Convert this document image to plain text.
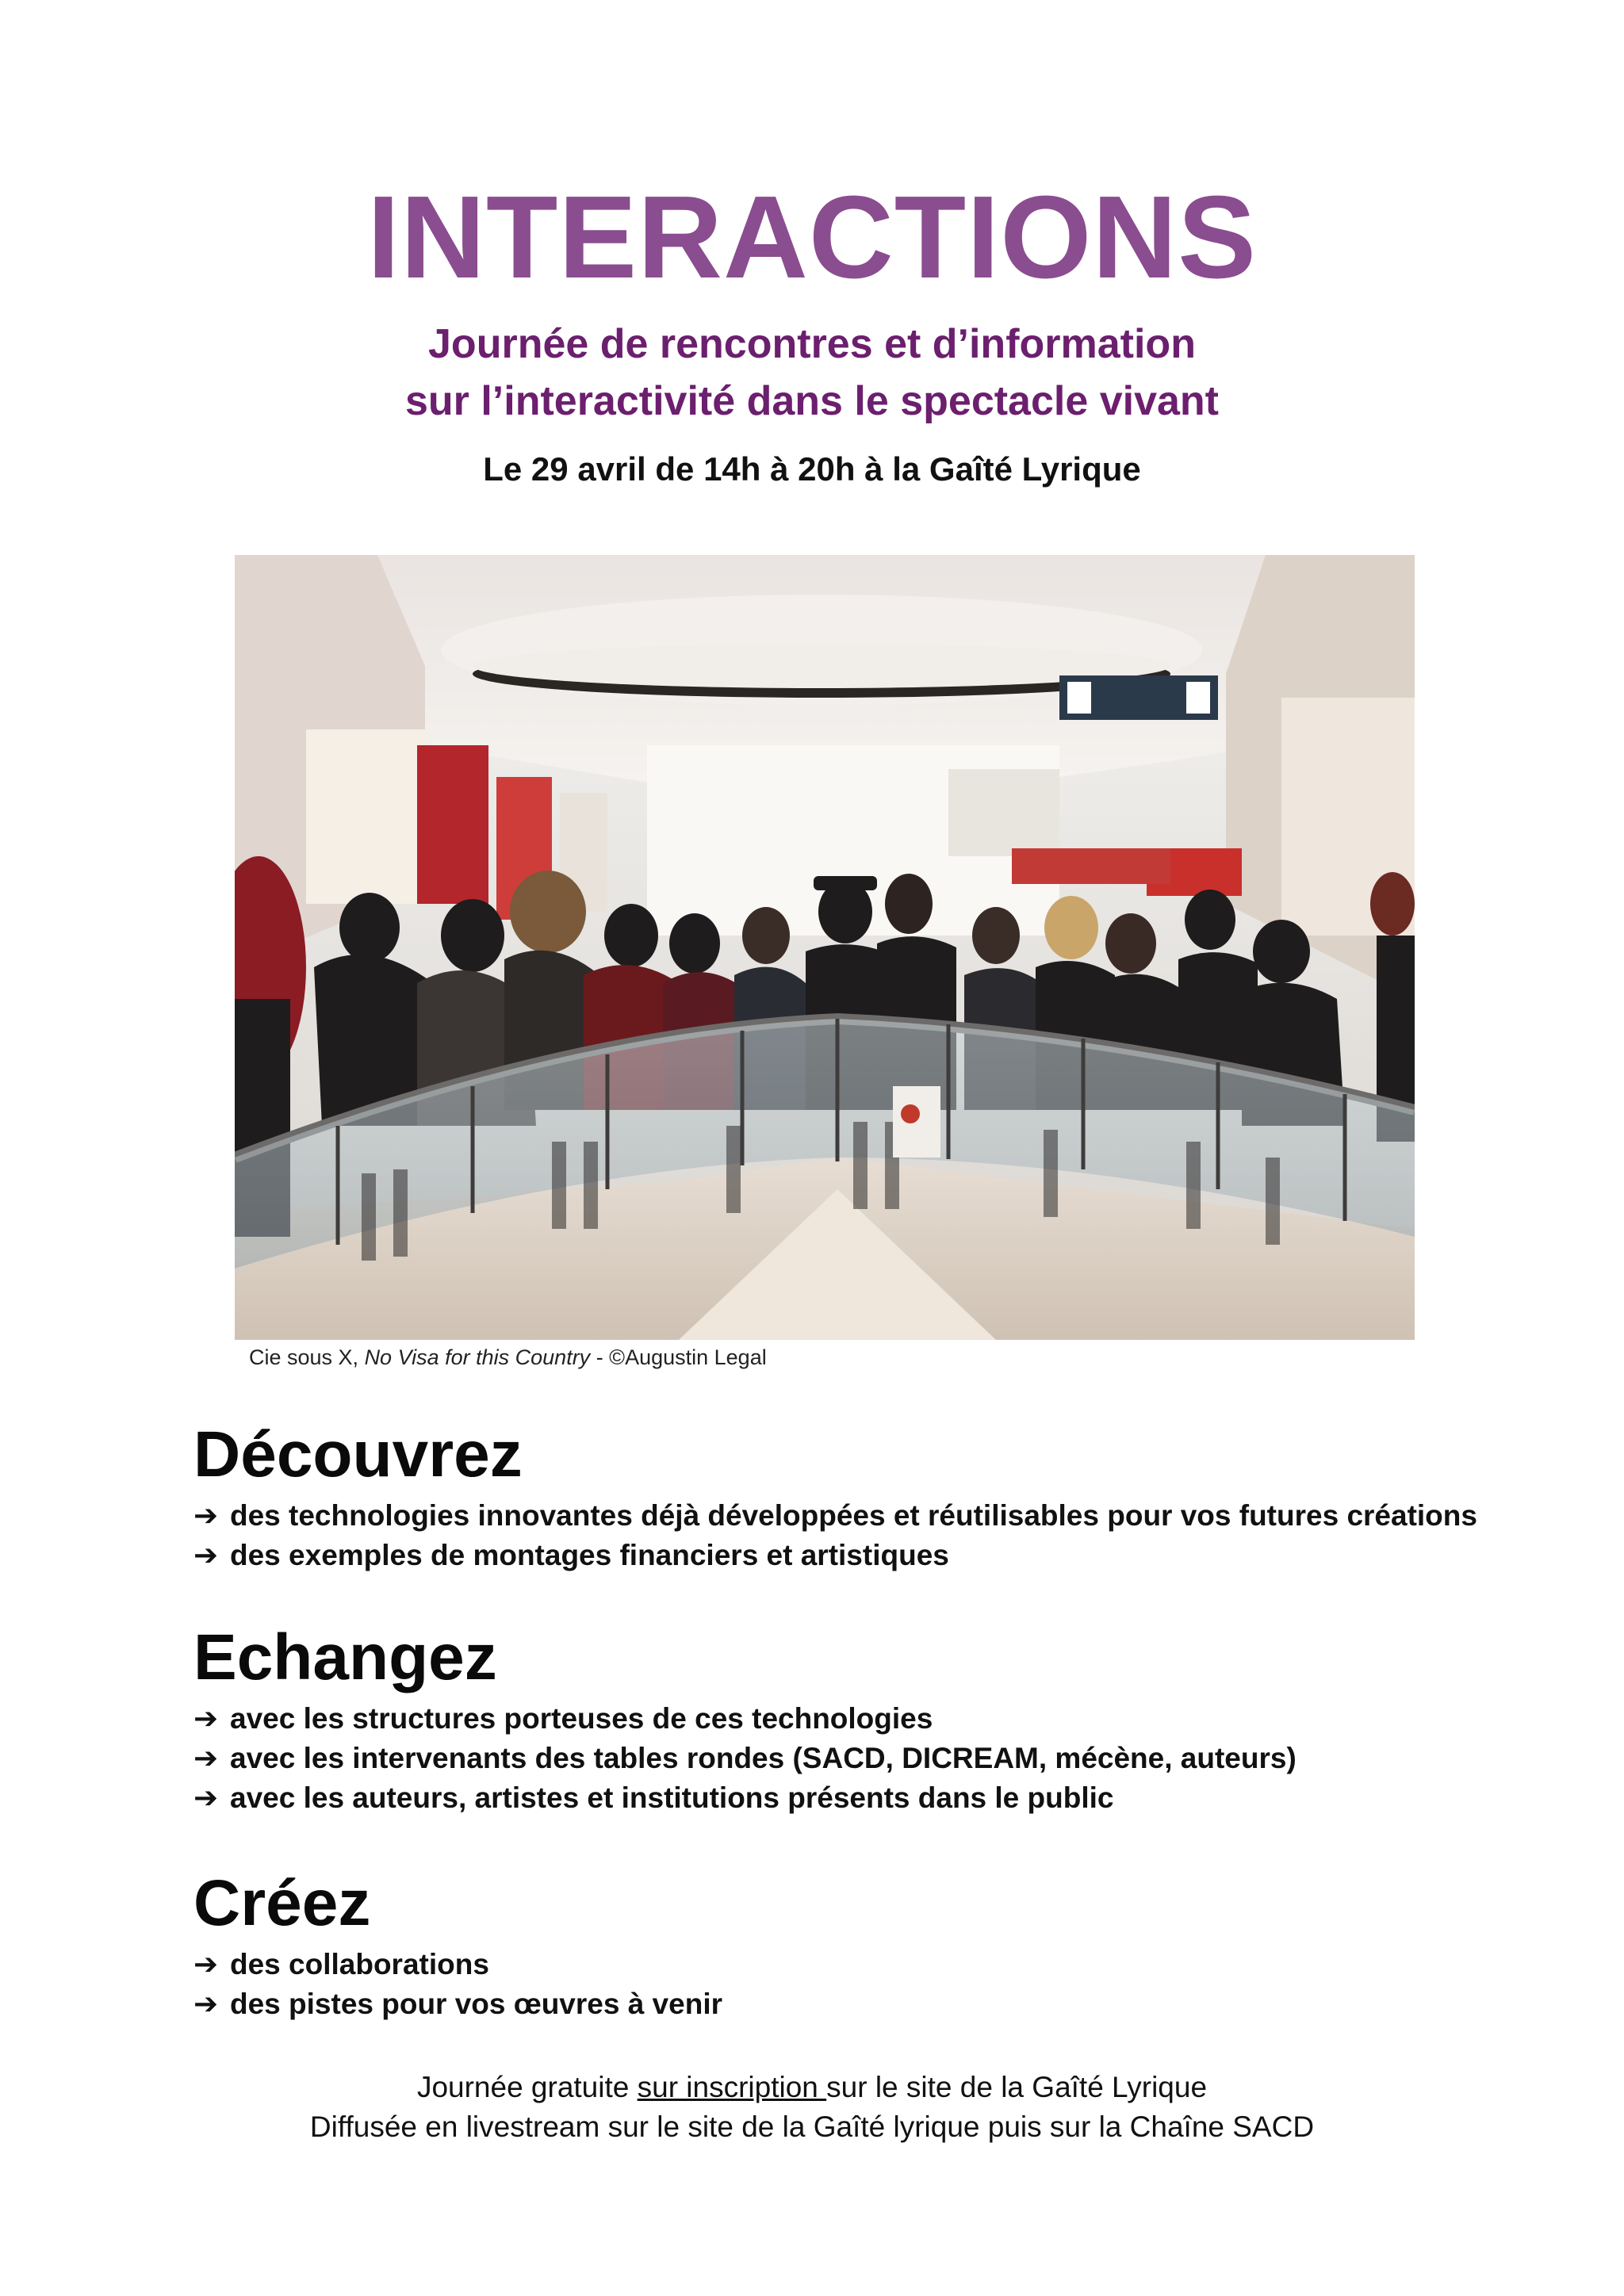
INTERACTIONS

Journée de rencontres et d’information

sur l’interactivité dans le spectacle vivant

Le 29 avril de 14h à 20h à la Gaîté Lyrique

Cie sous X, No Visa for this Country - ©Augustin Legal
Découvrez
➔ des technologies innovantes déjà développées et réutilisables pour vos futures créations
➔ des exemples de montages financiers et artistiques
Echangez
➔ avec les structures porteuses de ces technologies
➔ avec les intervenants des tables rondes (SACD, DICREAM, mécène, auteurs)
➔ avec les auteurs, artistes et institutions présents dans le public
Créez
➔ des collaborations
➔ des pistes pour vos œuvres à venir
Journée gratuite sur inscription sur le site de la Gaîté Lyrique
Diffusée en livestream sur le site de la Gaîté lyrique puis sur la Chaîne SACD
